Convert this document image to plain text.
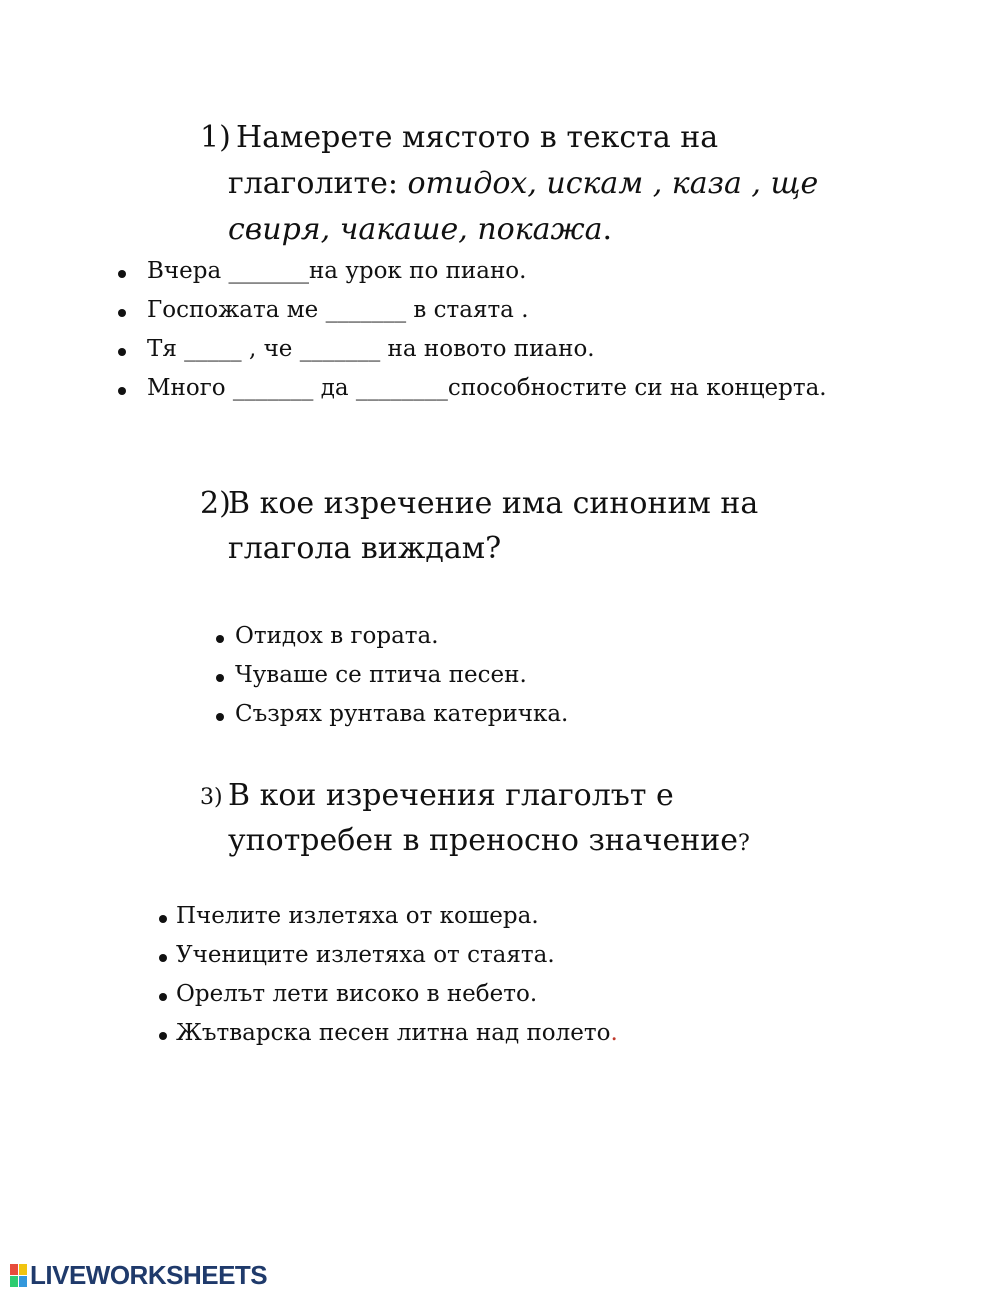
1) Намерете мястото в текста на
глаголите: отидох, искам , каза , ще
свиря, чакаше, покажа.
Вчера _______на урок по пиано.
Госпожата ме _______ в стаята .
Тя _____ , че _______ на новото пиано.
Много _______ да ________способностите си на концерта.
2)
В кое изречение има синоним на
глагола виждам?
Отидох в гората.
Чуваше се птича песен.
Съзрях рунтава катеричка.
3) В кои изречения глаголът е
употребен в преносно значение?
Пчелите излетяха от кошера.
Учениците излетяха от стаята.
Орелът лети високо в небето.
Жътварска песен литна над полето.
LIVEWORKSHEETS
